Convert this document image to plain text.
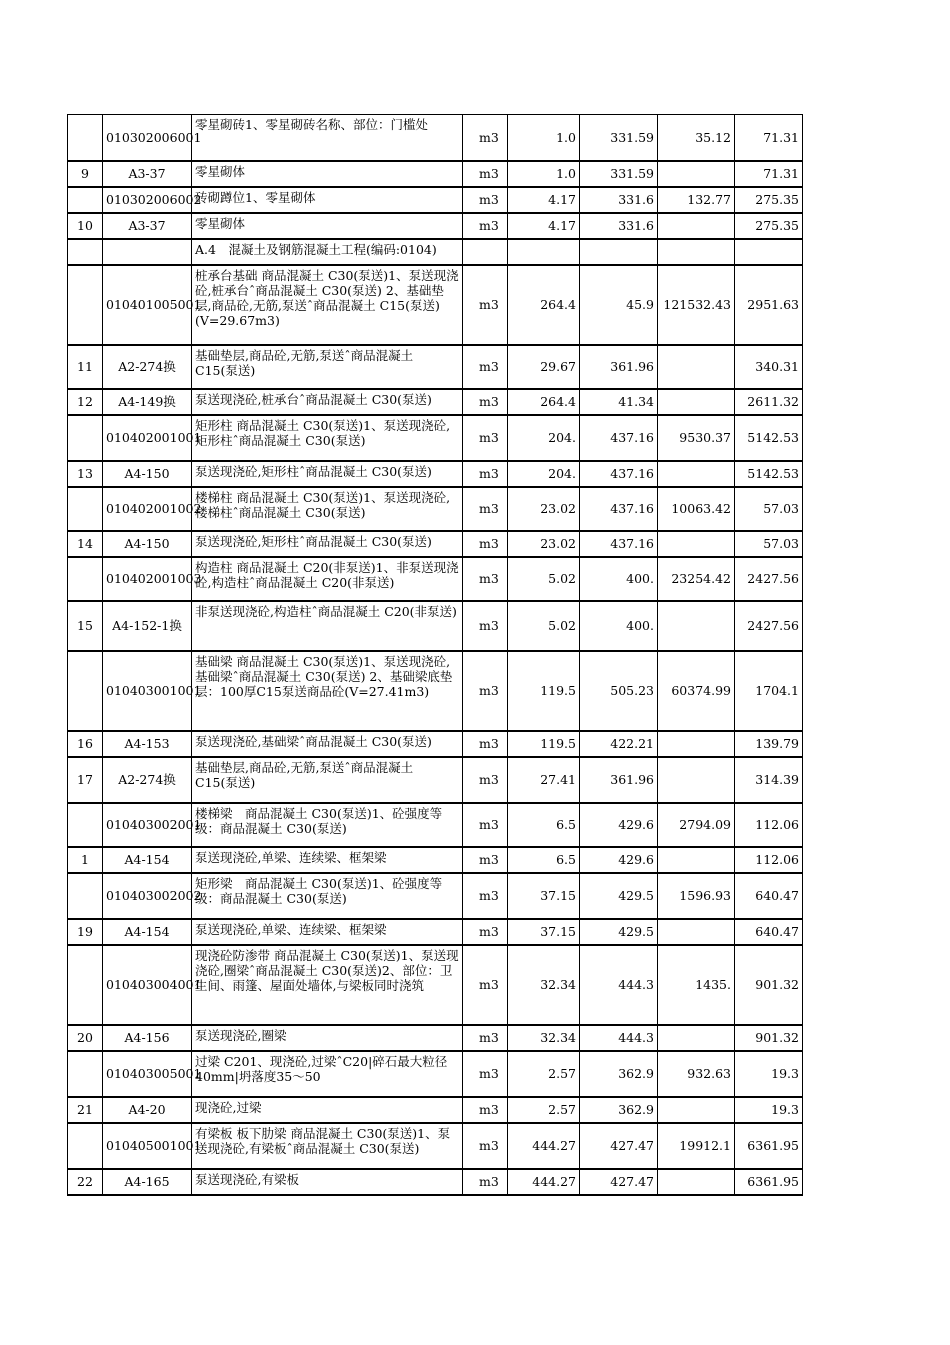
	010302006001	零星砌砖1、零星砌砖名称、部位：门槛处	m3	1.0	331.59	35.12	71.31
9	A3-37	零星砌体	m3	1.0	331.59		71.31
	010302006002	砖砌蹲位1、零星砌体	m3	4.17	331.6	132.77	275.35
10	A3-37	零星砌体	m3	4.17	331.6		275.35
		A.4　混凝土及钢筋混凝土工程(编码:0104)					
	010401005001	桩承台基础 商品混凝土 C30(泵送)1、泵送现浇砼,桩承台ˆ商品混凝土 C30(泵送) 2、基础垫层,商品砼,无筋,泵送ˆ商品混凝土 C15(泵送)(V=29.67m3)	m3	264.4	45.9	121532.43	2951.63
11	A2-274换	基础垫层,商品砼,无筋,泵送ˆ商品混凝土 C15(泵送)	m3	29.67	361.96		340.31
12	A4-149换	泵送现浇砼,桩承台ˆ商品混凝土 C30(泵送)	m3	264.4	41.34		2611.32
	010402001001	矩形柱 商品混凝土 C30(泵送)1、泵送现浇砼,矩形柱ˆ商品混凝土 C30(泵送)	m3	204.	437.16	9530.37	5142.53
13	A4-150	泵送现浇砼,矩形柱ˆ商品混凝土 C30(泵送)	m3	204.	437.16		5142.53
	010402001002	楼梯柱 商品混凝土 C30(泵送)1、泵送现浇砼,楼梯柱ˆ商品混凝土 C30(泵送)	m3	23.02	437.16	10063.42	57.03
14	A4-150	泵送现浇砼,矩形柱ˆ商品混凝土 C30(泵送)	m3	23.02	437.16		57.03
	010402001003	构造柱 商品混凝土 C20(非泵送)1、非泵送现浇砼,构造柱ˆ商品混凝土 C20(非泵送)	m3	5.02	400.	23254.42	2427.56
15	A4-152-1换	非泵送现浇砼,构造柱ˆ商品混凝土 C20(非泵送)	m3	5.02	400.		2427.56
	010403001001	基础梁 商品混凝土 C30(泵送)1、泵送现浇砼,基础梁ˆ商品混凝土 C30(泵送) 2、基础梁底垫层：100厚C15泵送商品砼(V=27.41m3)	m3	119.5	505.23	60374.99	1704.1
16	A4-153	泵送现浇砼,基础梁ˆ商品混凝土 C30(泵送)	m3	119.5	422.21		139.79
17	A2-274换	基础垫层,商品砼,无筋,泵送ˆ商品混凝土 C15(泵送)	m3	27.41	361.96		314.39
	010403002001	楼梯梁　商品混凝土 C30(泵送)1、砼强度等级：商品混凝土 C30(泵送)	m3	6.5	429.6	2794.09	112.06
1	A4-154	泵送现浇砼,单梁、连续梁、框架梁	m3	6.5	429.6		112.06
	010403002002	矩形梁　商品混凝土 C30(泵送)1、砼强度等级：商品混凝土 C30(泵送)	m3	37.15	429.5	1596.93	640.47
19	A4-154	泵送现浇砼,单梁、连续梁、框架梁	m3	37.15	429.5		640.47
	010403004001	现浇砼防渗带 商品混凝土 C30(泵送)1、泵送现浇砼,圈梁ˆ商品混凝土 C30(泵送)2、部位：卫生间、雨篷、屋面处墙体,与梁板同时浇筑	m3	32.34	444.3	1435.	901.32
20	A4-156	泵送现浇砼,圈梁	m3	32.34	444.3		901.32
	010403005001	过梁 C201、现浇砼,过梁ˆC20|碎石最大粒径40mm|坍落度35～50	m3	2.57	362.9	932.63	19.3
21	A4-20	现浇砼,过梁	m3	2.57	362.9		19.3
	010405001001	有梁板 板下肋梁 商品混凝土 C30(泵送)1、泵送现浇砼,有梁板ˆ商品混凝土 C30(泵送)	m3	444.27	427.47	19912.1	6361.95
22	A4-165	泵送现浇砼,有梁板	m3	444.27	427.47		6361.95
